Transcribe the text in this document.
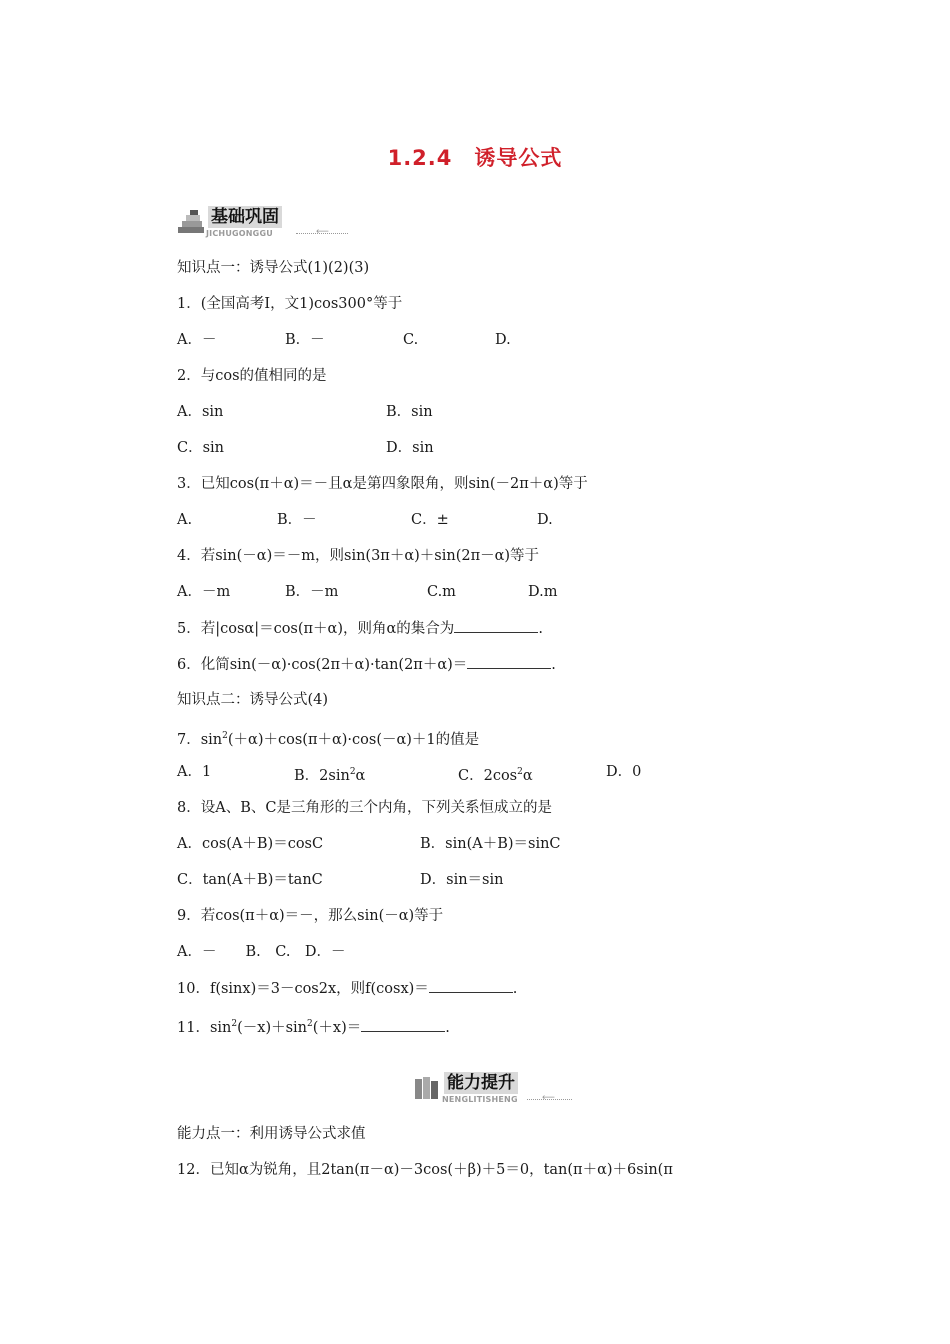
1.2.4　诱导公式
基础巩固
JICHUGONGGU	⟵
知识点一：诱导公式(1)(2)(3)
1．(全国高考Ⅰ，文1)cos300°等于
A．－	B．－	C.	D.
2．与cos的值相同的是
A．sin	B．sin
C．sin	D．sin
3．已知cos(π＋α)＝－且α是第四象限角，则sin(－2π＋α)等于
A.	B．－	C．±	D.
4．若sin(－α)＝－m，则sin(3π＋α)＋sin(2π－α)等于
A．－m	B．－m	C.m	D.m
5．若|cosα|＝cos(π＋α)，则角α的集合为	.
6．化简sin(－α)·cos(2π＋α)·tan(2π＋α)＝	.
知识点二：诱导公式(4)
7．$\sin^2(+\alpha)+\cos(\pi+\alpha)\cdot\cos(-\alpha)+1$的值是
A．1	B．$2\sin^2\alpha$	C．$2\cos^2\alpha$	D．0
8．设A、B、C是三角形的三个内角，下列关系恒成立的是
A．cos(A＋B)＝cosC	B．sin(A＋B)＝sinC
C．tan(A＋B)＝tanC	D．sin＝sin
9．若cos(π＋α)＝－，那么sin(－α)等于
A．－　　B.　C.　D．－
10．f(sinx)＝3－cos2x，则f(cosx)＝	.
11．$\sin^2(-x)+\sin^2(+x)=$	.
能力提升
NENGLITISHENG	⟵
能力点一：利用诱导公式求值
12．已知α为锐角，且2tan(π－α)－3cos(＋β)＋5＝0，tan(π＋α)＋6sin(π
